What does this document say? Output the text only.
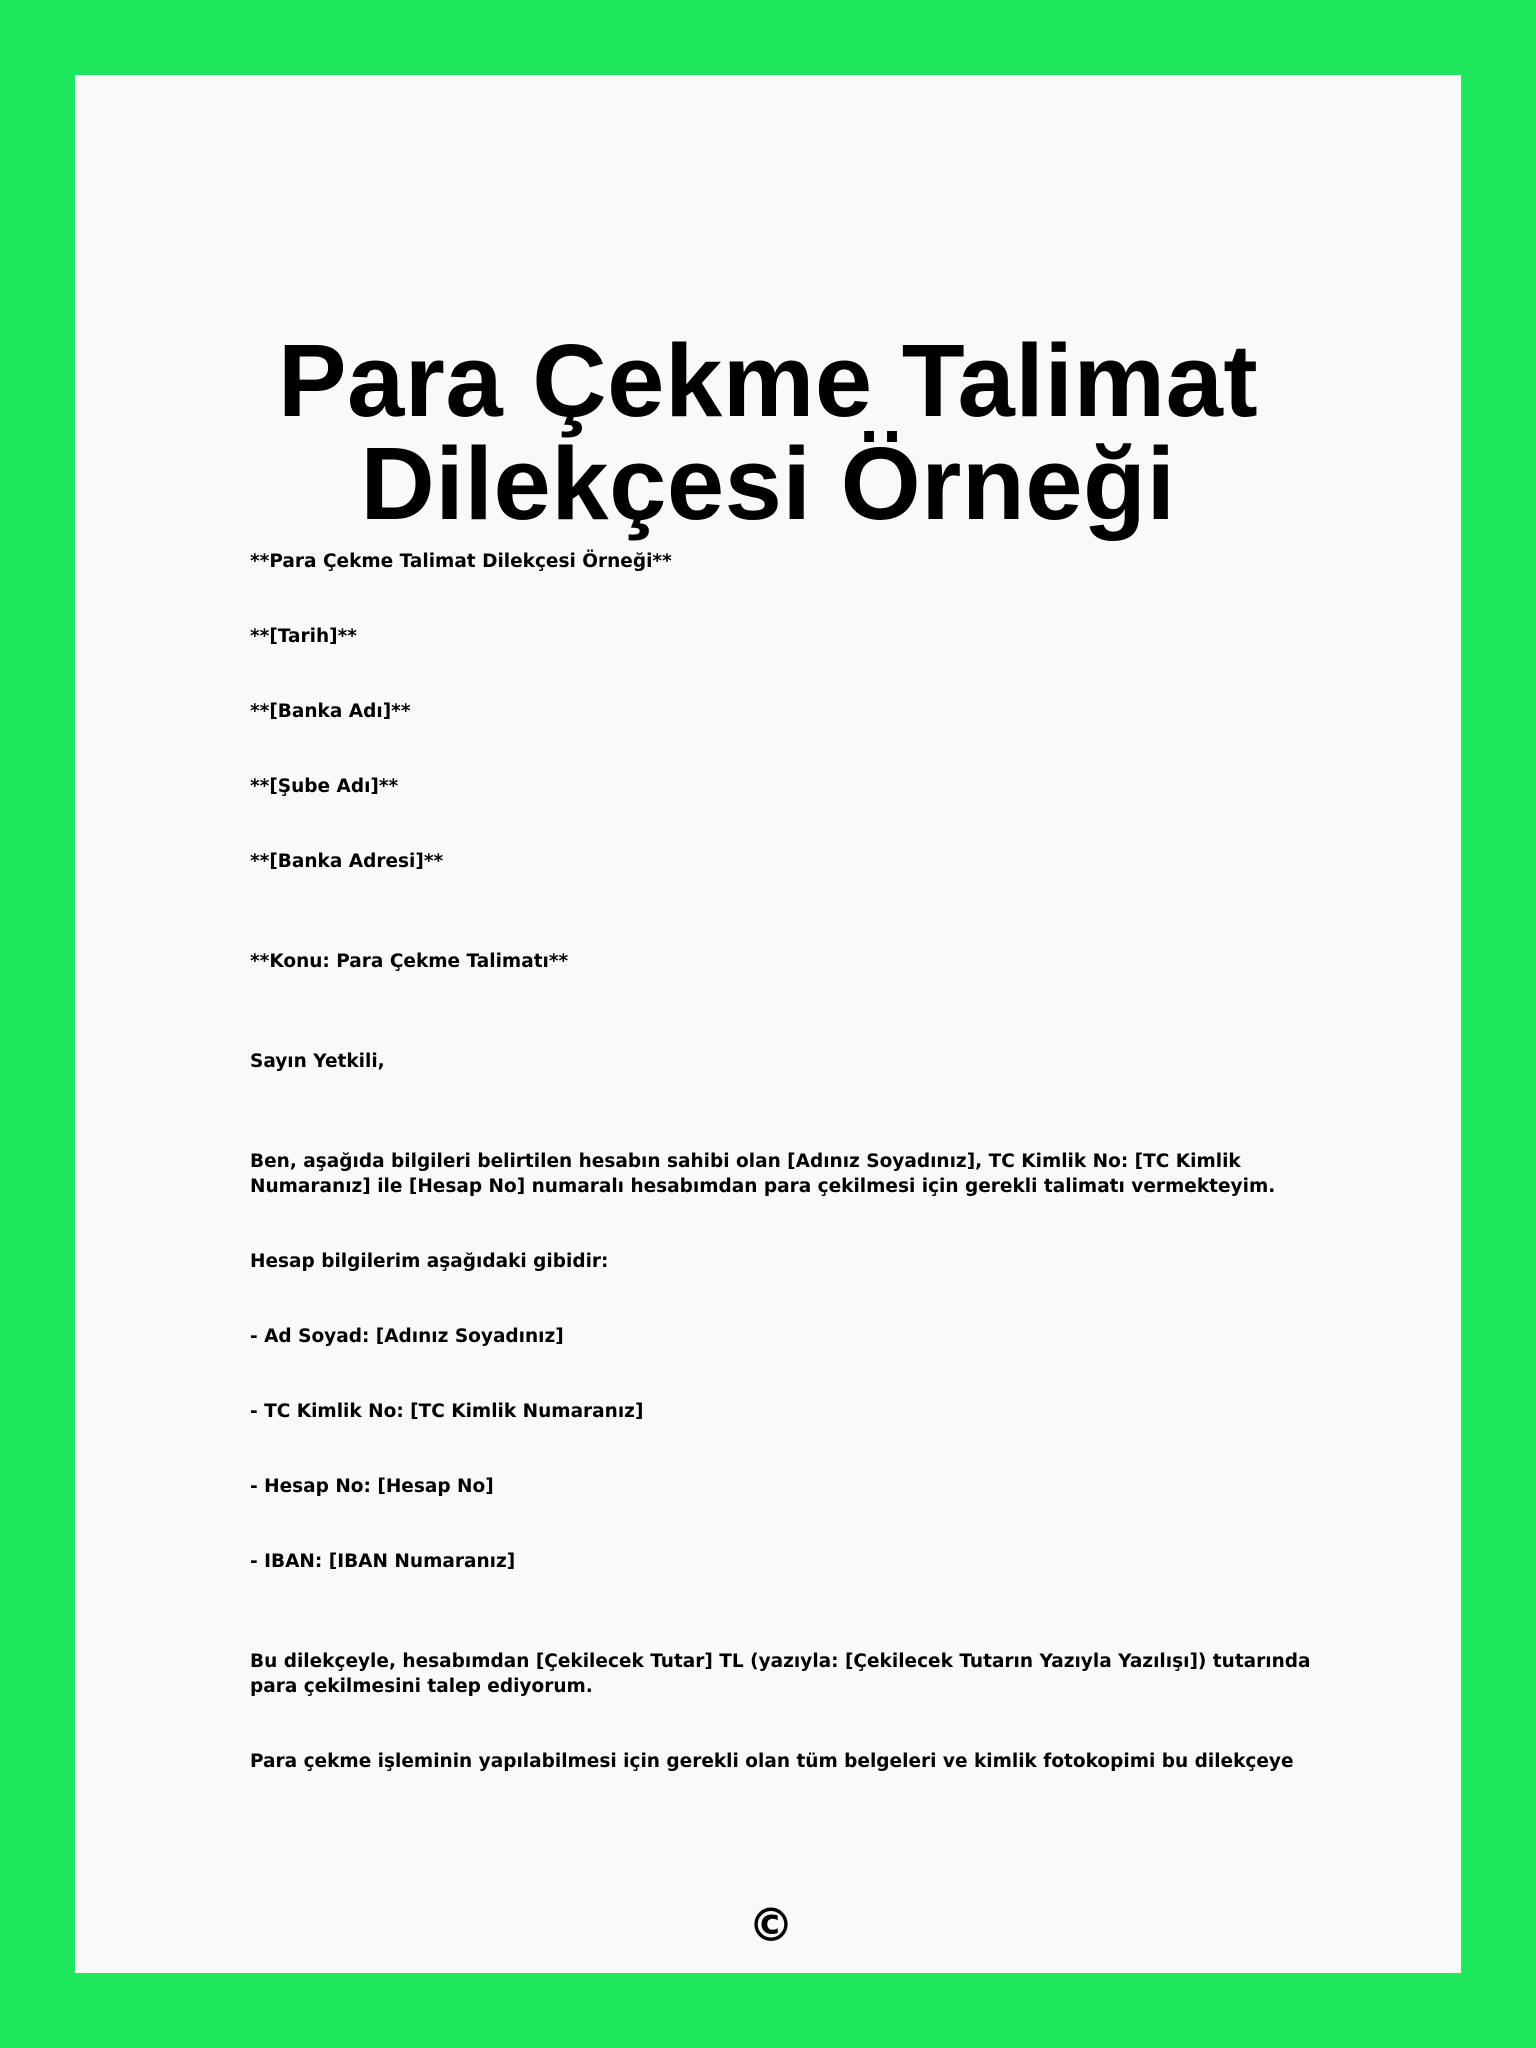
Para Çekme Talimat
Dilekçesi Örneği

**Para Çekme Talimat Dilekçesi Örneği**

**[Tarih]**

**[Banka Adı]**

**[Şube Adı]**

**[Banka Adresi]**

**Konu: Para Çekme Talimatı**

Sayın Yetkili,

Ben, aşağıda bilgileri belirtilen hesabın sahibi olan [Adınız Soyadınız], TC Kimlik No: [TC Kimlik Numaranız] ile [Hesap No] numaralı hesabımdan para çekilmesi için gerekli talimatı vermekteyim.

Hesap bilgilerim aşağıdaki gibidir:

- Ad Soyad: [Adınız Soyadınız]

- TC Kimlik No: [TC Kimlik Numaranız]

- Hesap No: [Hesap No]

- IBAN: [IBAN Numaranız]

Bu dilekçeyle, hesabımdan [Çekilecek Tutar] TL (yazıyla: [Çekilecek Tutarın Yazıyla Yazılışı]) tutarında para çekilmesini talep ediyorum.

Para çekme işleminin yapılabilmesi için gerekli olan tüm belgeleri ve kimlik fotokopimi bu dilekçeye

©
